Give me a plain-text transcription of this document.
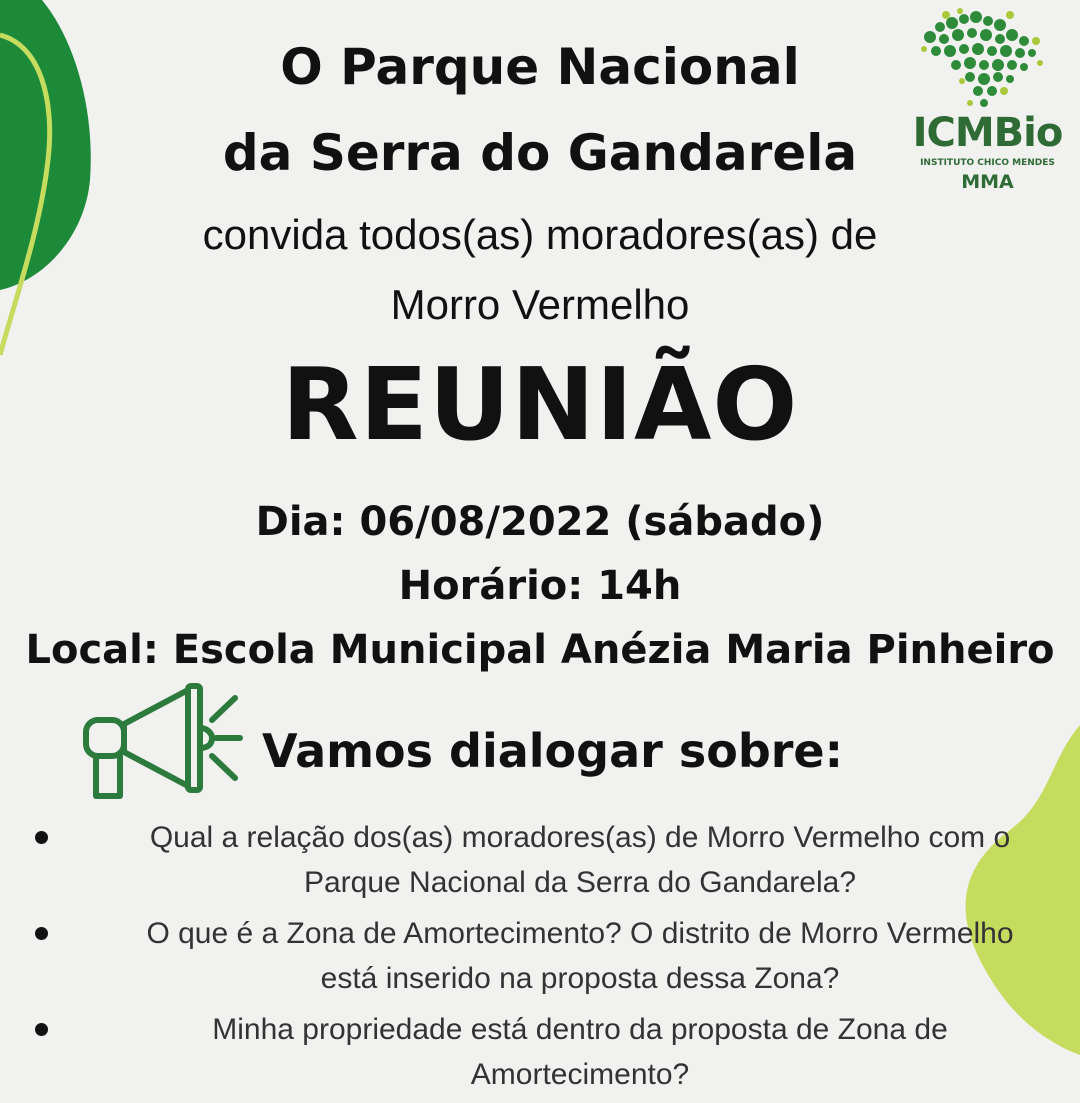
ICMBio
INSTITUTO CHICO MENDES
MMA
O Parque Nacional
da Serra do Gandarela
convida todos(as) moradores(as) de
Morro Vermelho
REUNIÃO
Dia: 06/08/2022 (sábado)
Horário: 14h
Local: Escola Municipal Anézia Maria Pinheiro
Vamos dialogar sobre:
Qual a relação dos(as) moradores(as) de Morro Vermelho com o
Parque Nacional da Serra do Gandarela?
O que é a Zona de Amortecimento? O distrito de Morro Vermelho
está inserido na proposta dessa Zona?
Minha propriedade está dentro da proposta de Zona de
Amortecimento?
